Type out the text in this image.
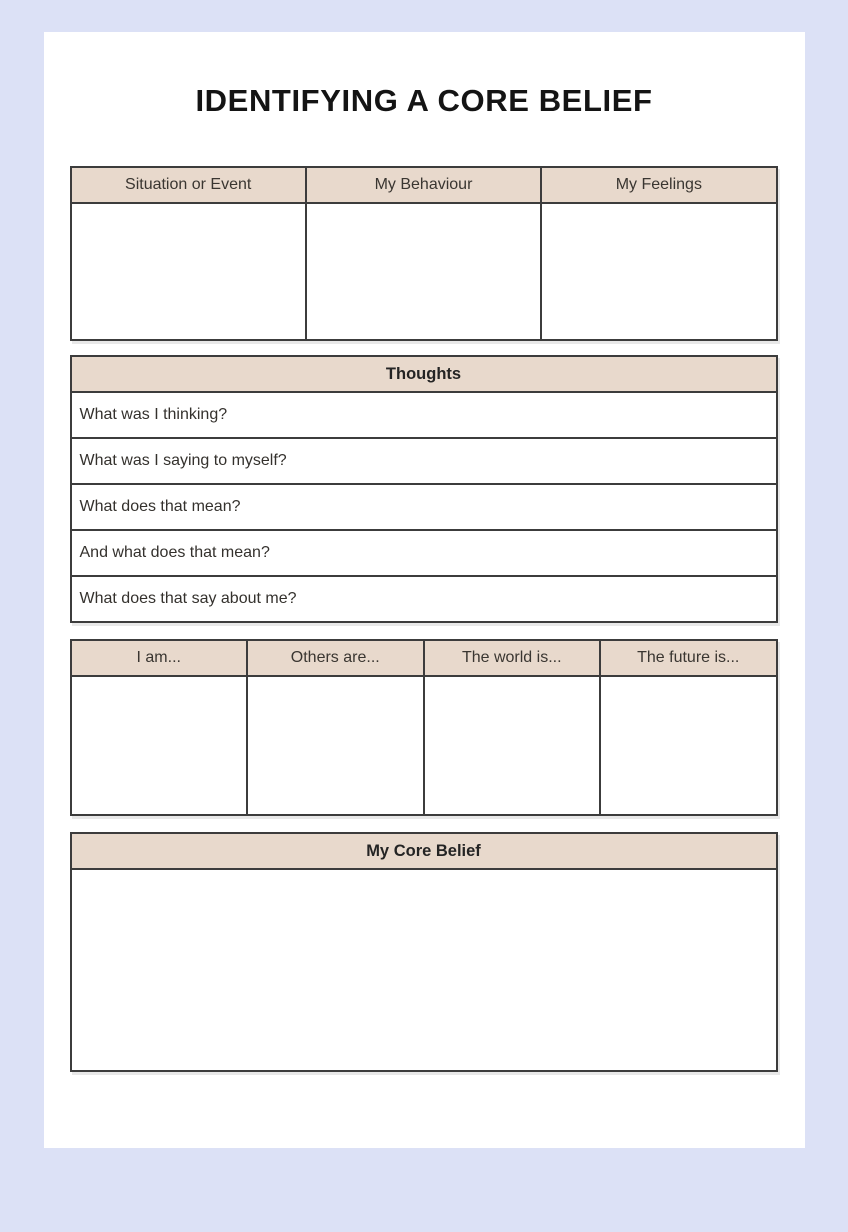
IDENTIFYING A CORE BELIEF
Situation or Event	My Behaviour	My Feelings

Thoughts
What was I thinking?
What was I saying to myself?
What does that mean?
And what does that mean?
What does that say about me?
I am...	Others are...	The world is...	The future is...

My Core Belief
